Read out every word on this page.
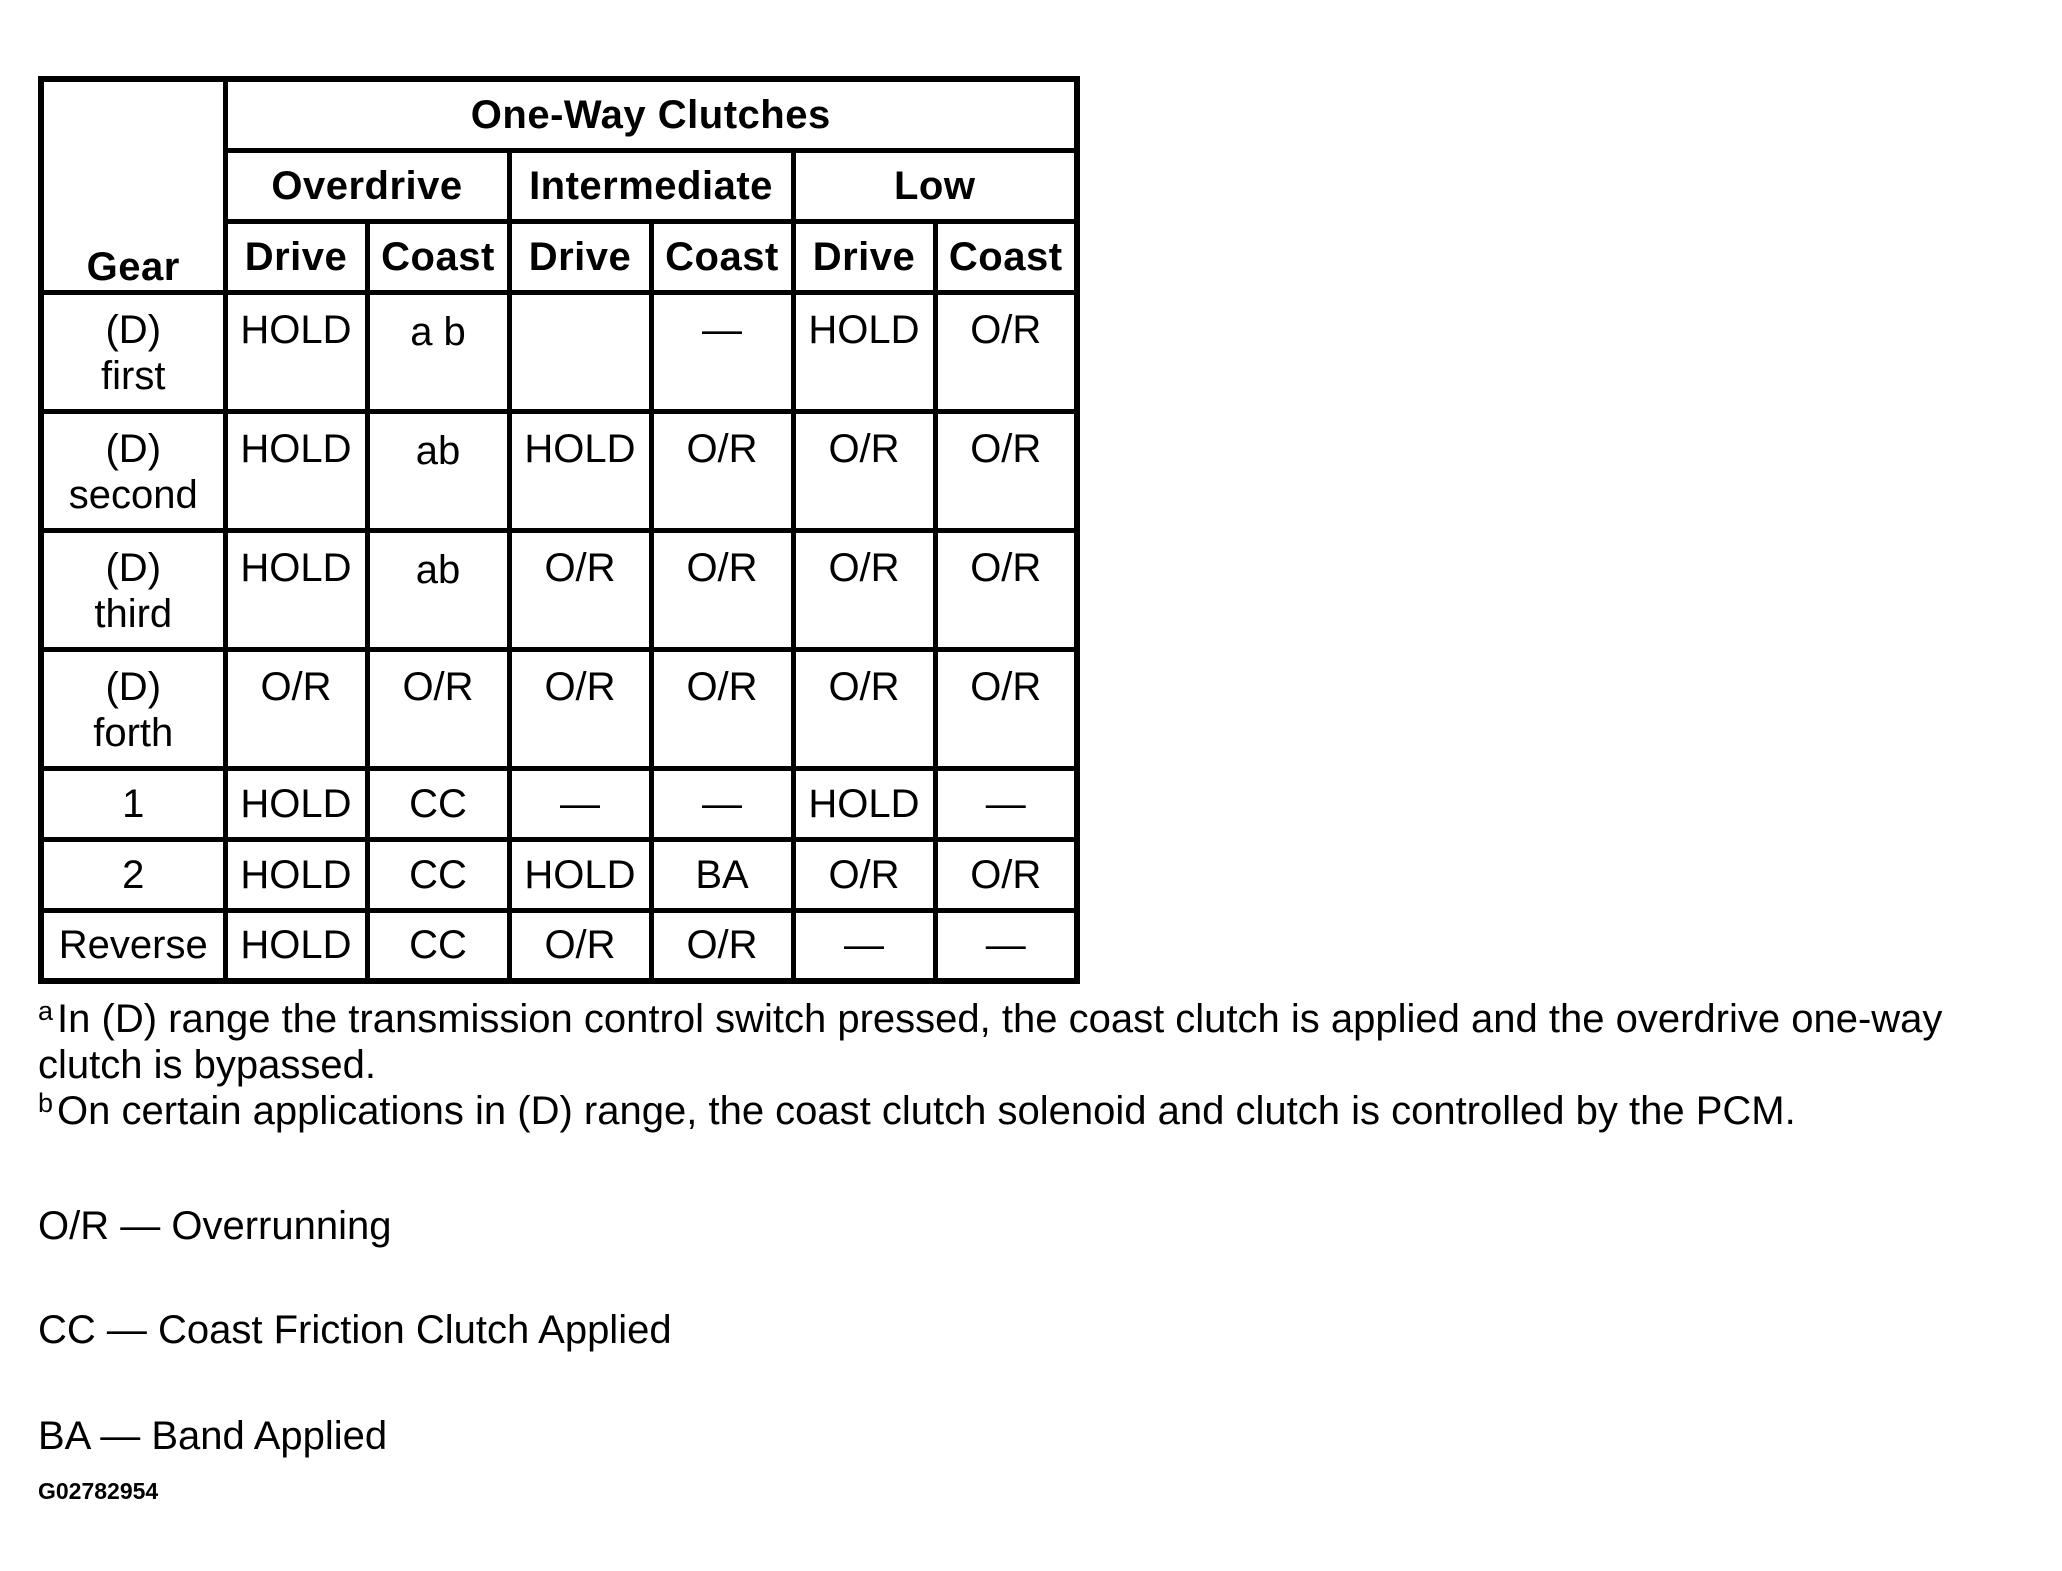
Gear	One-Way Clutches					
	Overdrive		Intermediate		Low	
	Drive	Coast	Drive	Coast	Drive	Coast
(D)
first	HOLD	a b		—	HOLD	O/R
(D)
second	HOLD	ab	HOLD	O/R	O/R	O/R
(D)
third	HOLD	ab	O/R	O/R	O/R	O/R
(D)
forth	O/R	O/R	O/R	O/R	O/R	O/R
1	HOLD	CC	—	—	HOLD	—
2	HOLD	CC	HOLD	BA	O/R	O/R
Reverse	HOLD	CC	O/R	O/R	—	—

$^a$ In (D) range the transmission control switch pressed, the coast clutch is applied and the overdrive one-way clutch is bypassed.

$^b$ On certain applications in (D) range, the coast clutch solenoid and clutch is controlled by the PCM.

O/R — Overrunning
CC — Coast Friction Clutch Applied
BA — Band Applied
G02782954
